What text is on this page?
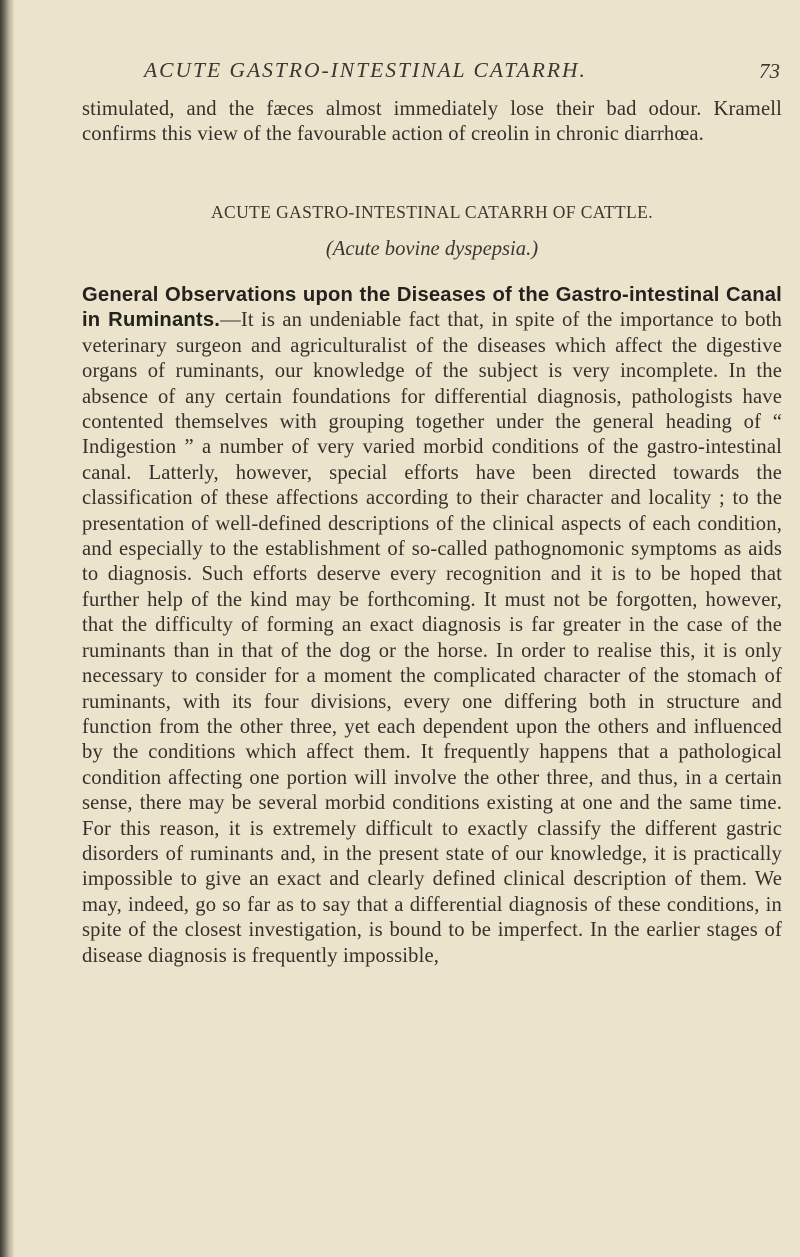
ACUTE GASTRO-INTESTINAL CATARRH.	73

stimulated, and the fæces almost immediately lose their bad odour. Kramell confirms this view of the favourable action of creolin in chronic diarrhœa.

ACUTE GASTRO-INTESTINAL CATARRH OF CATTLE.
(Acute bovine dyspepsia.)

General Observations upon the Diseases of the Gastro-intestinal Canal in Ruminants.—It is an undeniable fact that, in spite of the importance to both veterinary surgeon and agriculturalist of the diseases which affect the digestive organs of ruminants, our knowledge of the subject is very incomplete. In the absence of any certain foundations for differential diagnosis, pathologists have contented themselves with grouping together under the general heading of “ Indigestion ” a number of very varied morbid conditions of the gastro-intestinal canal. Latterly, however, special efforts have been directed towards the classification of these affections according to their character and locality ; to the presentation of well-defined descriptions of the clinical aspects of each condition, and especially to the establishment of so-called pathognomonic symptoms as aids to diagnosis. Such efforts deserve every recognition and it is to be hoped that further help of the kind may be forthcoming. It must not be forgotten, however, that the difficulty of forming an exact diagnosis is far greater in the case of the ruminants than in that of the dog or the horse. In order to realise this, it is only necessary to consider for a moment the complicated character of the stomach of ruminants, with its four divisions, every one differing both in structure and function from the other three, yet each dependent upon the others and influenced by the conditions which affect them. It frequently happens that a pathological condition affecting one portion will involve the other three, and thus, in a certain sense, there may be several morbid conditions existing at one and the same time. For this reason, it is extremely difficult to exactly classify the different gastric disorders of ruminants and, in the present state of our knowledge, it is practically impossible to give an exact and clearly defined clinical description of them. We may, indeed, go so far as to say that a differential diagnosis of these conditions, in spite of the closest investigation, is bound to be imperfect. In the earlier stages of disease diagnosis is frequently impossible,
